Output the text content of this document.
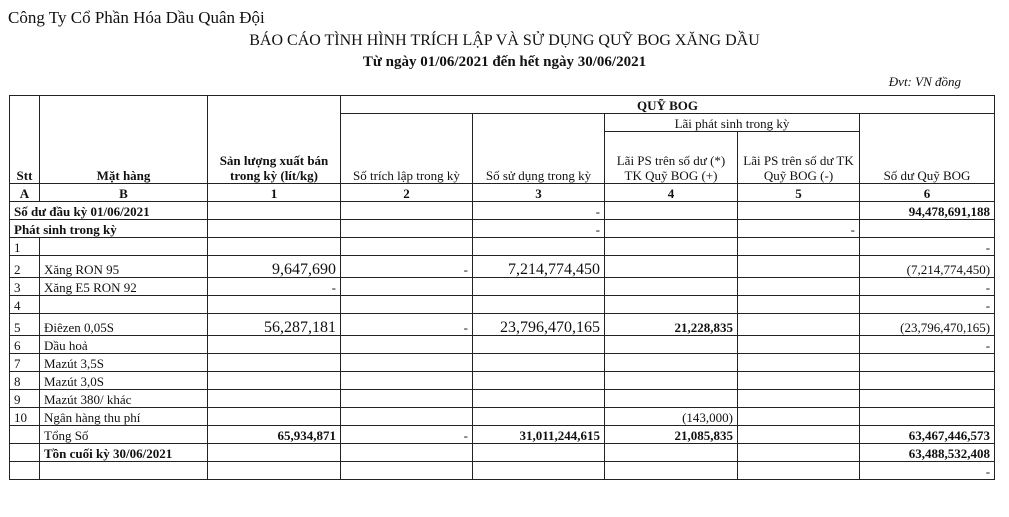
Công Ty Cổ Phần Hóa Dầu Quân Đội
BÁO CÁO TÌNH HÌNH TRÍCH LẬP VÀ SỬ DỤNG QUỸ BOG XĂNG DẦU
Từ ngày 01/06/2021 đến hết ngày 30/06/2021
Đvt: VN đồng
Stt	Mặt hàng	Sản lượng xuất bán trong kỳ (lít/kg)	QUỸ BOG				
			Số trích lập trong kỳ	Số sử dụng trong kỳ	Lãi phát sinh trong kỳ		Số dư Quỹ BOG
					Lãi PS trên số dư (*) TK Quỹ BOG (+)	Lãi PS trên số dư TK Quỹ BOG (-)	

A	B	1	2	3	4	5	6
Số dư đầu kỳ 01/06/2021				-			94,478,691,188
Phát sinh trong kỳ				-		-	
1							-
2	Xăng RON 95	9,647,690	-	7,214,774,450			(7,214,774,450)
3	Xăng E5 RON 92	-					-
4							-
5	Điêzen 0,05S	56,287,181	-	23,796,470,165	21,228,835		(23,796,470,165)
6	Dầu hoả						-
7	Mazút 3,5S						
8	Mazút 3,0S						
9	Mazút 380/ khác						
10	Ngân hàng thu phí				(143,000)		
	Tổng Số	65,934,871	-	31,011,244,615	21,085,835		63,467,446,573
	Tồn cuối kỳ 30/06/2021						63,488,532,408
							-
